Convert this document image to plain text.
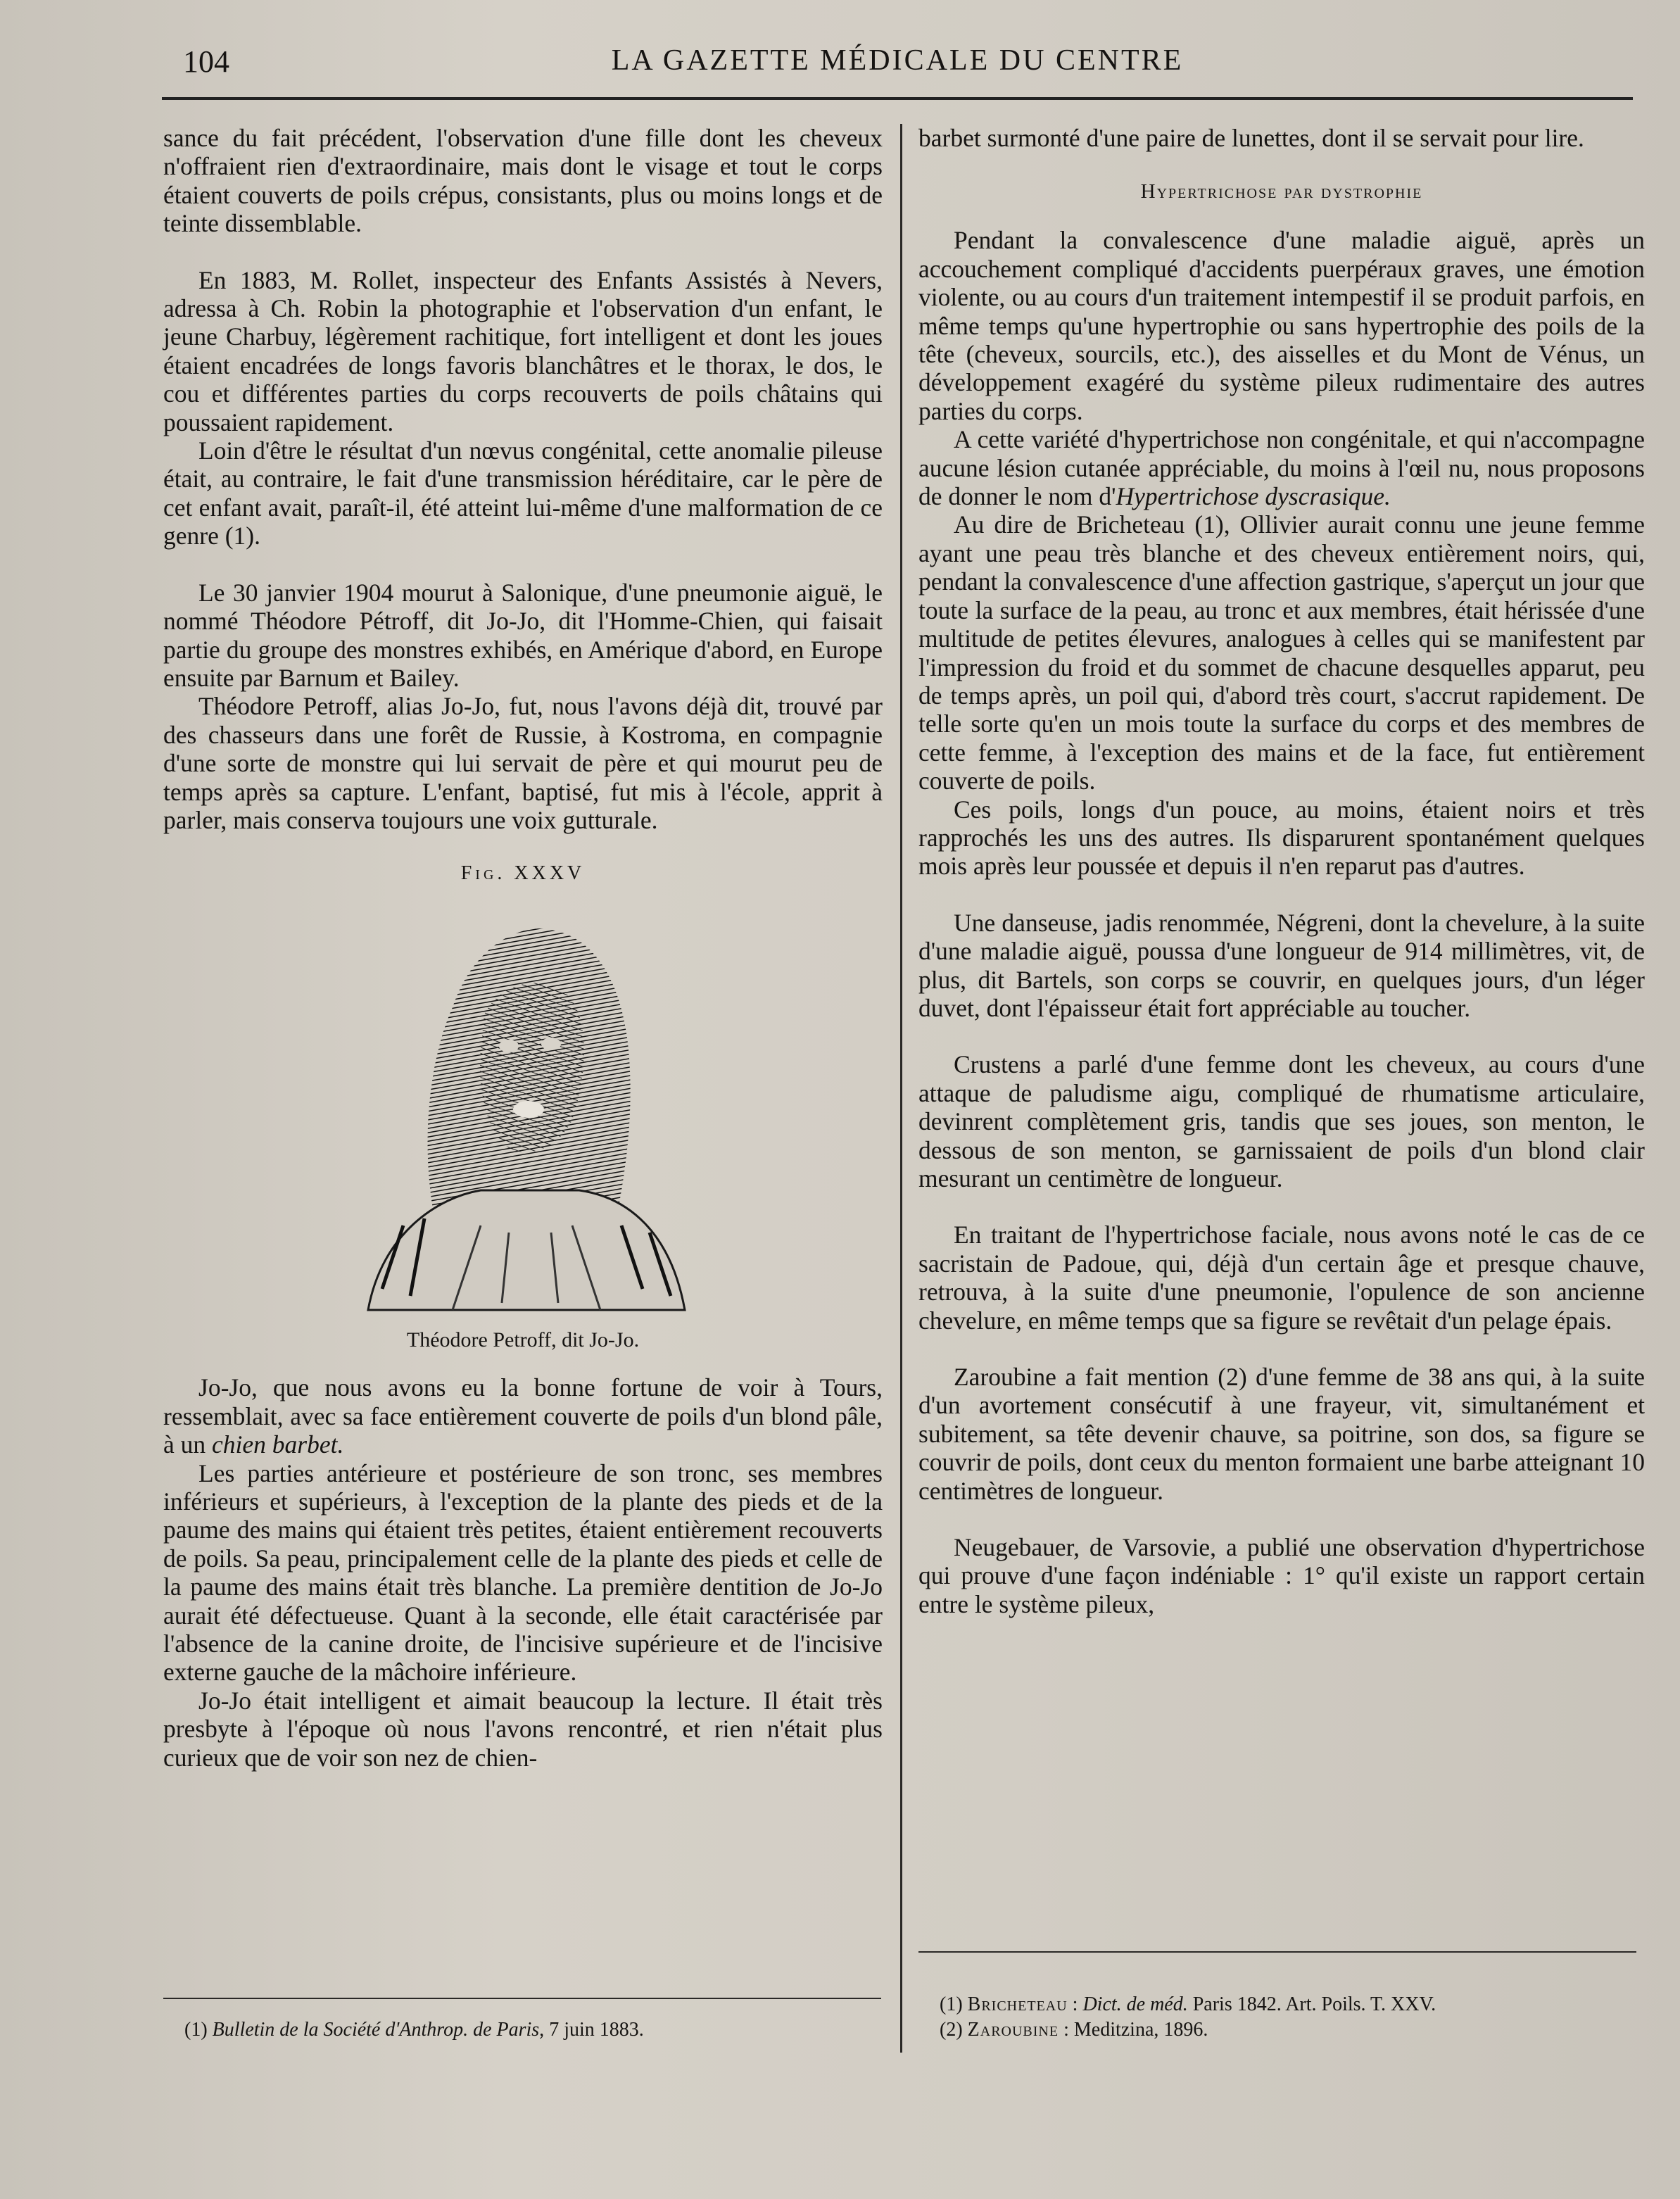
104	LA GAZETTE MÉDICALE DU CENTRE

sance du fait précédent, l'observation d'une fille dont les cheveux n'offraient rien d'extraordinaire, mais dont le visage et tout le corps étaient couverts de poils crépus, consistants, plus ou moins longs et de teinte dissemblable.

En 1883, M. Rollet, inspecteur des Enfants Assistés à Nevers, adressa à Ch. Robin la photographie et l'observation d'un enfant, le jeune Charbuy, légèrement rachitique, fort intelligent et dont les joues étaient encadrées de longs favoris blanchâtres et le thorax, le dos, le cou et différentes parties du corps recouverts de poils châtains qui poussaient rapidement.

Loin d'être le résultat d'un nœvus congénital, cette anomalie pileuse était, au contraire, le fait d'une transmission héréditaire, car le père de cet enfant avait, paraît-il, été atteint lui-même d'une malformation de ce genre (1).

Le 30 janvier 1904 mourut à Salonique, d'une pneumonie aiguë, le nommé Théodore Pétroff, dit Jo-Jo, dit l'Homme-Chien, qui faisait partie du groupe des monstres exhibés, en Amérique d'abord, en Europe ensuite par Barnum et Bailey.

Théodore Petroff, alias Jo-Jo, fut, nous l'avons déjà dit, trouvé par des chasseurs dans une forêt de Russie, à Kostroma, en compagnie d'une sorte de monstre qui lui servait de père et qui mourut peu de temps après sa capture. L'enfant, baptisé, fut mis à l'école, apprit à parler, mais conserva toujours une voix gutturale.

Fig. XXXV
Théodore Petroff, dit Jo-Jo.

Jo-Jo, que nous avons eu la bonne fortune de voir à Tours, ressemblait, avec sa face entièrement couverte de poils d'un blond pâle, à un chien barbet.

Les parties antérieure et postérieure de son tronc, ses membres inférieurs et supérieurs, à l'exception de la plante des pieds et de la paume des mains qui étaient très petites, étaient entièrement recouverts de poils. Sa peau, principalement celle de la plante des pieds et celle de la paume des mains était très blanche. La première dentition de Jo-Jo aurait été défectueuse. Quant à la seconde, elle était caractérisée par l'absence de la canine droite, de l'incisive supérieure et de l'incisive externe gauche de la mâchoire inférieure.

Jo-Jo était intelligent et aimait beaucoup la lecture. Il était très presbyte à l'époque où nous l'avons rencontré, et rien n'était plus curieux que de voir son nez de chien-

(1) Bulletin de la Société d'Anthrop. de Paris, 7 juin 1883.

barbet surmonté d'une paire de lunettes, dont il se servait pour lire.

Hypertrichose par dystrophie

Pendant la convalescence d'une maladie aiguë, après un accouchement compliqué d'accidents puerpéraux graves, une émotion violente, ou au cours d'un traitement intempestif il se produit parfois, en même temps qu'une hypertrophie ou sans hypertrophie des poils de la tête (cheveux, sourcils, etc.), des aisselles et du Mont de Vénus, un développement exagéré du système pileux rudimentaire des autres parties du corps.

A cette variété d'hypertrichose non congénitale, et qui n'accompagne aucune lésion cutanée appréciable, du moins à l'œil nu, nous proposons de donner le nom d'Hypertrichose dyscrasique.

Au dire de Bricheteau (1), Ollivier aurait connu une jeune femme ayant une peau très blanche et des cheveux entièrement noirs, qui, pendant la convalescence d'une affection gastrique, s'aperçut un jour que toute la surface de la peau, au tronc et aux membres, était hérissée d'une multitude de petites élevures, analogues à celles qui se manifestent par l'impression du froid et du sommet de chacune desquelles apparut, peu de temps après, un poil qui, d'abord très court, s'accrut rapidement. De telle sorte qu'en un mois toute la surface du corps et des membres de cette femme, à l'exception des mains et de la face, fut entièrement couverte de poils.

Ces poils, longs d'un pouce, au moins, étaient noirs et très rapprochés les uns des autres. Ils disparurent spontanément quelques mois après leur poussée et depuis il n'en reparut pas d'autres.

Une danseuse, jadis renommée, Négreni, dont la chevelure, à la suite d'une maladie aiguë, poussa d'une longueur de 914 millimètres, vit, de plus, dit Bartels, son corps se couvrir, en quelques jours, d'un léger duvet, dont l'épaisseur était fort appréciable au toucher.

Crustens a parlé d'une femme dont les cheveux, au cours d'une attaque de paludisme aigu, compliqué de rhumatisme articulaire, devinrent complètement gris, tandis que ses joues, son menton, le dessous de son menton, se garnissaient de poils d'un blond clair mesurant un centimètre de longueur.

En traitant de l'hypertrichose faciale, nous avons noté le cas de ce sacristain de Padoue, qui, déjà d'un certain âge et presque chauve, retrouva, à la suite d'une pneumonie, l'opulence de son ancienne chevelure, en même temps que sa figure se revêtait d'un pelage épais.

Zaroubine a fait mention (2) d'une femme de 38 ans qui, à la suite d'un avortement consécutif à une frayeur, vit, simultanément et subitement, sa tête devenir chauve, sa poitrine, son dos, sa figure se couvrir de poils, dont ceux du menton formaient une barbe atteignant 10 centimètres de longueur.

Neugebauer, de Varsovie, a publié une observation d'hypertrichose qui prouve d'une façon indéniable : 1° qu'il existe un rapport certain entre le système pileux,

(1) Bricheteau : Dict. de méd. Paris 1842. Art. Poils. T. XXV.
(2) Zaroubine : Meditzina, 1896.
